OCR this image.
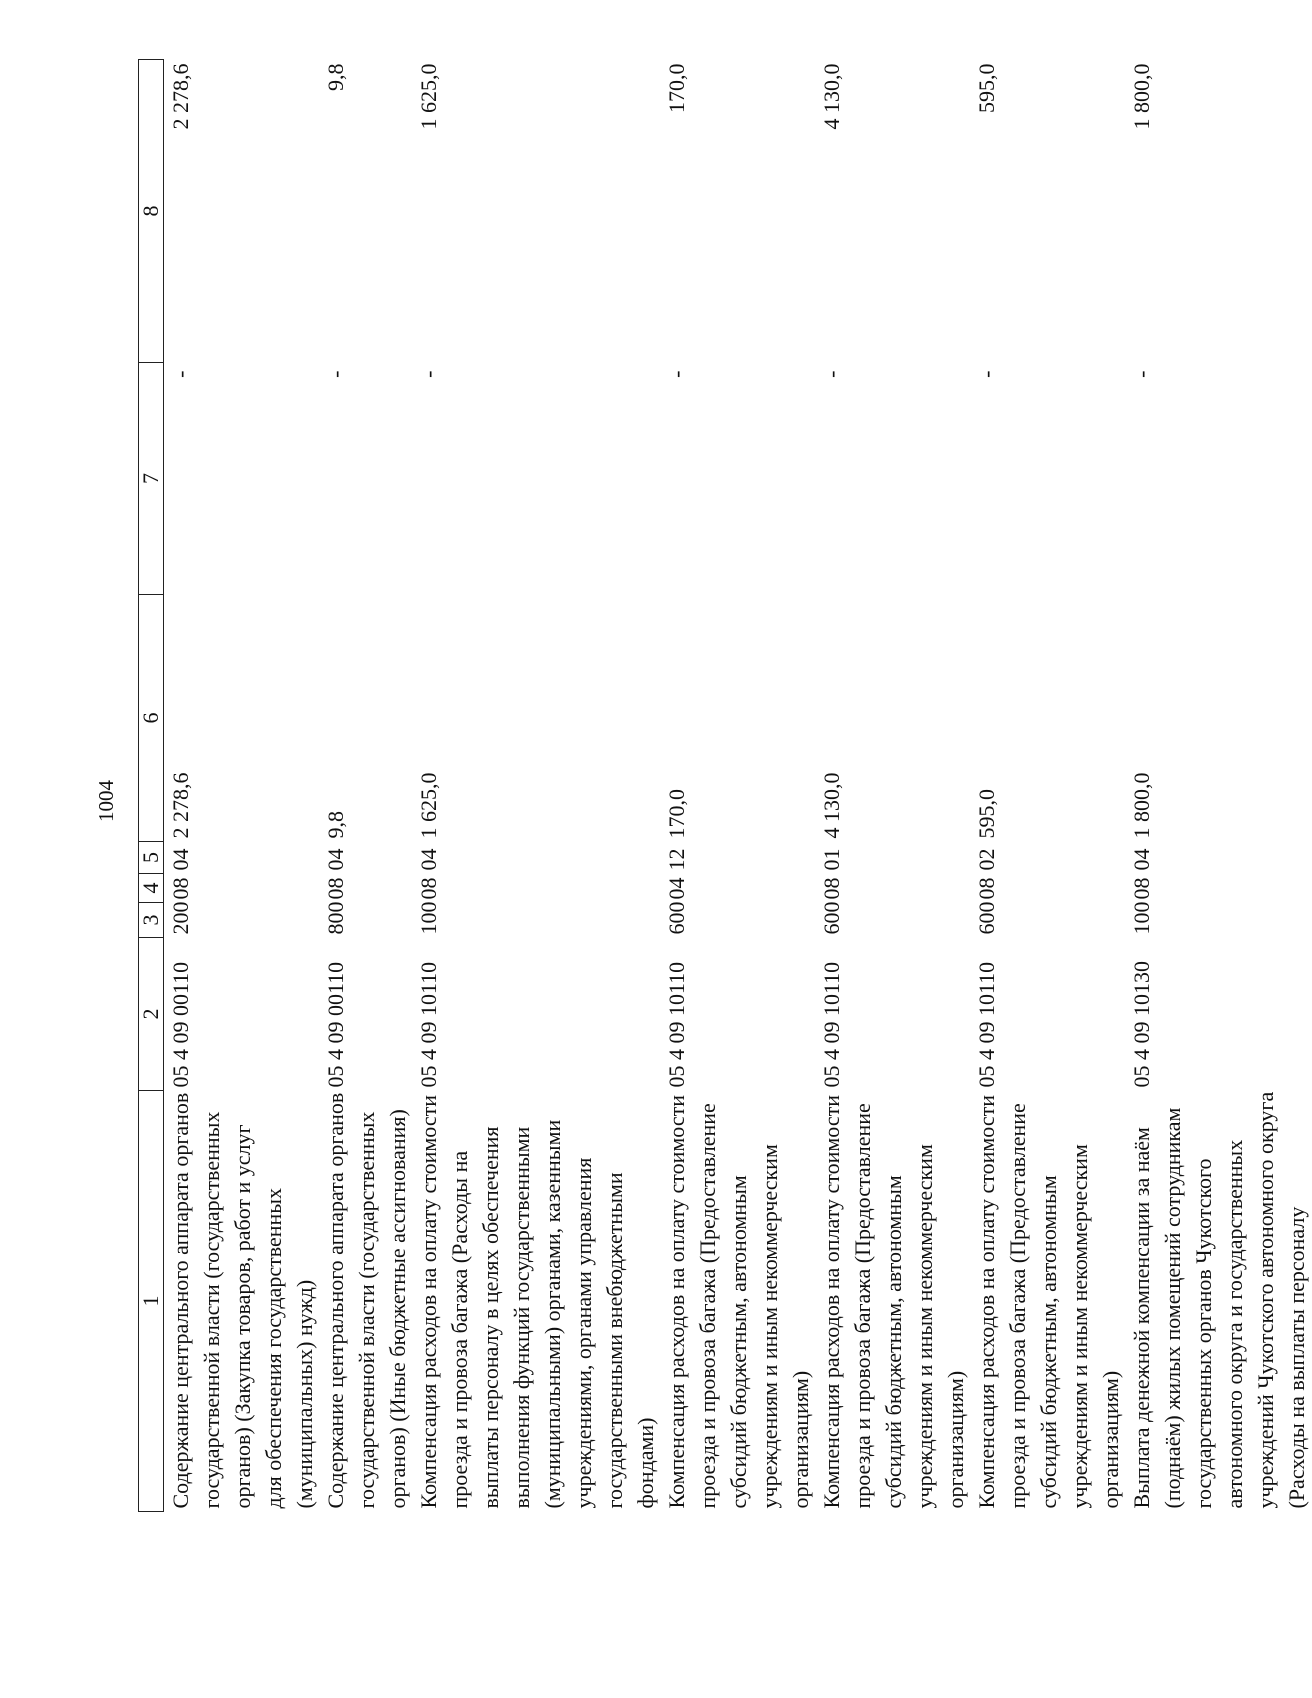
1004
1	2	3	4	5	6	7	8
Содержание центрального аппарата органов государственной власти (государственных органов) (Закупка товаров, работ и услуг для обеспечения государственных (муниципальных) нужд)	05 4 09 00110	200	08	04	2 278,6	-	2 278,6
Содержание центрального аппарата органов государственной власти (государственных органов) (Иные бюджетные ассигнования)	05 4 09 00110	800	08	04	9,8	-	9,8
Компенсация расходов на оплату стоимости проезда и провоза багажа (Расходы на выплаты персоналу в целях обеспечения выполнения функций государственными (муниципальными) органами, казенными учреждениями, органами управления государственными внебюджетными фондами)	05 4 09 10110	100	08	04	1 625,0	-	1 625,0
Компенсация расходов на оплату стоимости проезда и провоза багажа (Предоставление субсидий бюджетным, автономным учреждениям и иным некоммерческим организациям)	05 4 09 10110	600	04	12	170,0	-	170,0
Компенсация расходов на оплату стоимости проезда и провоза багажа (Предоставление субсидий бюджетным, автономным учреждениям и иным некоммерческим организациям)	05 4 09 10110	600	08	01	4 130,0	-	4 130,0
Компенсация расходов на оплату стоимости проезда и провоза багажа (Предоставление субсидий бюджетным, автономным учреждениям и иным некоммерческим организациям)	05 4 09 10110	600	08	02	595,0	-	595,0
Выплата денежной компенсации за наём (поднаём) жилых помещений сотрудникам государственных органов Чукотского автономного округа и государственных учреждений Чукотского автономного округа (Расходы на выплаты персоналу	05 4 09 10130	100	08	04	1 800,0	-	1 800,0
